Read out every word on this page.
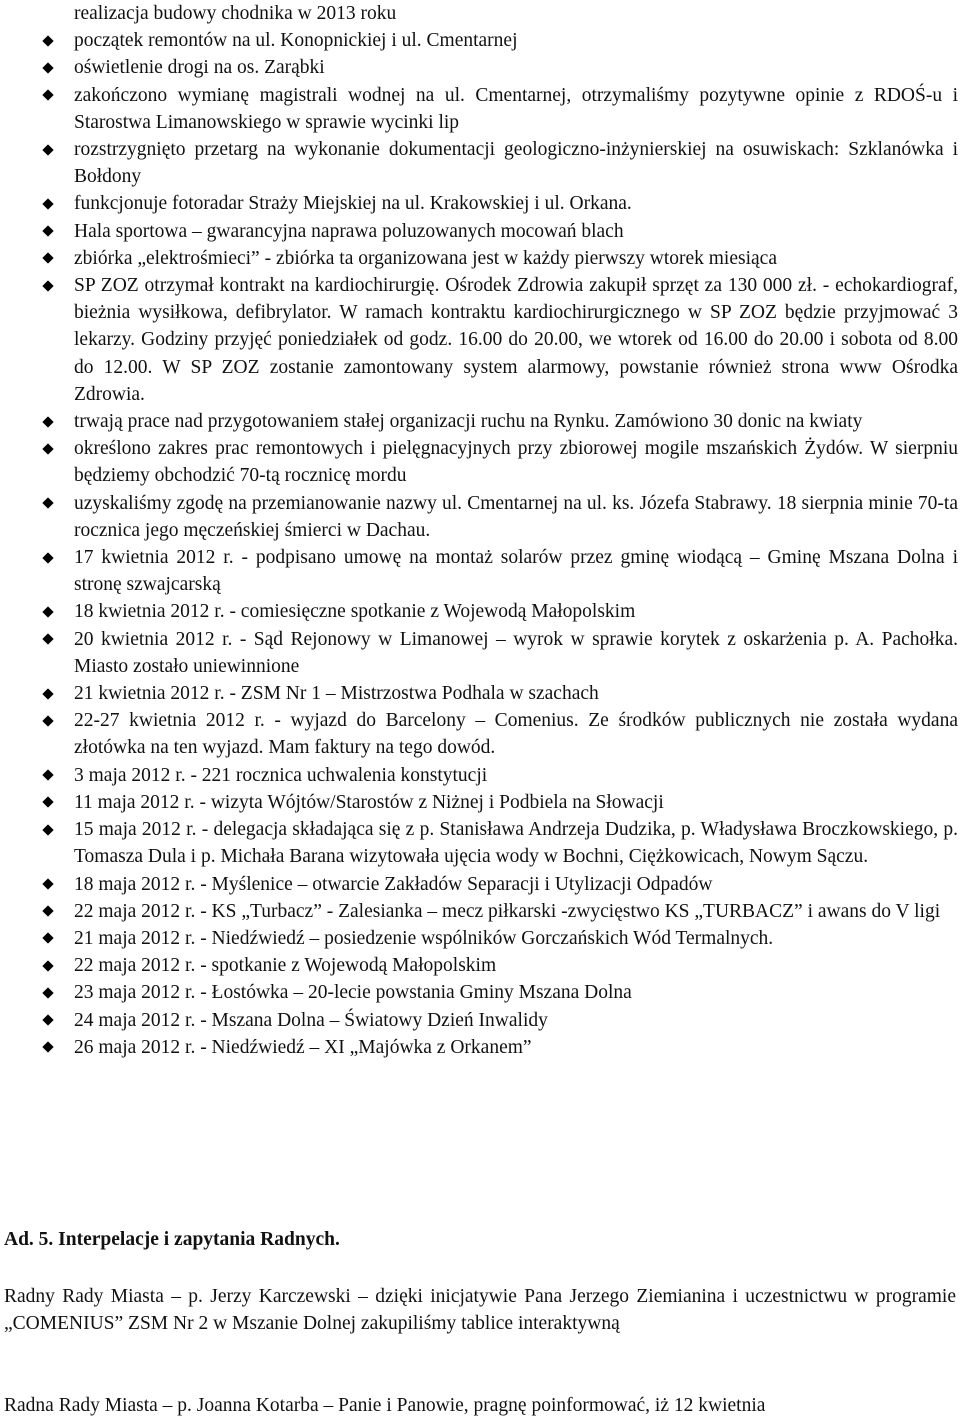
realizacja budowy chodnika w 2013 roku
początek remontów na ul. Konopnickiej i ul. Cmentarnej
oświetlenie drogi na os. Zarąbki
zakończono wymianę magistrali wodnej na ul. Cmentarnej, otrzymaliśmy pozytywne opinie z RDOŚ-u i Starostwa Limanowskiego w sprawie wycinki lip
rozstrzygnięto przetarg na wykonanie dokumentacji geologiczno-inżynierskiej na osuwiskach: Szklanówka i Bołdony
funkcjonuje fotoradar Straży Miejskiej na ul. Krakowskiej i ul. Orkana.
Hala sportowa – gwarancyjna naprawa poluzowanych mocowań blach
zbiórka „elektrośmieci” - zbiórka ta organizowana jest w każdy pierwszy wtorek miesiąca
SP ZOZ otrzymał kontrakt na kardiochirurgię. Ośrodek Zdrowia zakupił sprzęt za 130 000 zł. - echokardiograf, bieżnia wysiłkowa, defibrylator. W ramach kontraktu kardiochirurgicznego w SP ZOZ będzie przyjmować 3 lekarzy. Godziny przyjęć poniedziałek od godz. 16.00 do 20.00, we wtorek od 16.00 do 20.00 i sobota od 8.00 do 12.00. W SP ZOZ zostanie zamontowany system alarmowy, powstanie również strona www Ośrodka Zdrowia.
trwają prace nad przygotowaniem stałej organizacji ruchu na Rynku. Zamówiono 30 donic na kwiaty
określono zakres prac remontowych i pielęgnacyjnych przy zbiorowej mogile mszańskich Żydów. W sierpniu będziemy obchodzić 70-tą rocznicę mordu
uzyskaliśmy zgodę na przemianowanie nazwy ul. Cmentarnej na ul. ks. Józefa Stabrawy. 18 sierpnia minie 70-ta rocznica jego męczeńskiej śmierci w Dachau.
17 kwietnia 2012 r. - podpisano umowę na montaż solarów przez gminę wiodącą – Gminę Mszana Dolna i stronę szwajcarską
18 kwietnia 2012 r. - comiesięczne spotkanie z Wojewodą Małopolskim
20 kwietnia 2012 r. - Sąd Rejonowy w Limanowej – wyrok w sprawie korytek z oskarżenia p. A. Pachołka. Miasto zostało uniewinnione
21 kwietnia 2012 r. - ZSM Nr 1 – Mistrzostwa Podhala w szachach
22-27 kwietnia 2012 r. - wyjazd do Barcelony – Comenius. Ze środków publicznych nie została wydana złotówka na ten wyjazd. Mam faktury na tego dowód.
3 maja 2012 r. - 221 rocznica uchwalenia konstytucji
11 maja 2012 r. - wizyta Wójtów/Starostów z Niżnej i Podbiela na Słowacji
15 maja 2012 r. - delegacja składająca się z p. Stanisława Andrzeja Dudzika, p. Władysława Broczkowskiego, p. Tomasza Dula i p. Michała Barana wizytowała ujęcia wody w Bochni, Ciężkowicach, Nowym Sączu.
18 maja 2012 r. - Myślenice – otwarcie Zakładów Separacji i Utylizacji Odpadów
22 maja 2012 r. - KS „Turbacz” - Zalesianka – mecz piłkarski -zwycięstwo KS „TURBACZ” i awans do V ligi
21 maja 2012 r. - Niedźwiedź – posiedzenie wspólników Gorczańskich Wód Termalnych.
22 maja 2012 r. - spotkanie z Wojewodą Małopolskim
23 maja 2012 r. - Łostówka – 20-lecie powstania Gminy Mszana Dolna
24 maja 2012 r. - Mszana Dolna – Światowy Dzień Inwalidy
26 maja 2012 r. - Niedźwiedź – XI „Majówka z Orkanem”
Ad. 5. Interpelacje i zapytania Radnych.

Radny Rady Miasta – p. Jerzy Karczewski – dzięki inicjatywie Pana Jerzego Ziemianina i uczestnictwu w programie „COMENIUS” ZSM Nr 2 w Mszanie Dolnej zakupiliśmy tablice interaktywną

Radna Rady Miasta – p. Joanna Kotarba – Panie i Panowie, pragnę poinformować, iż 12 kwietnia
